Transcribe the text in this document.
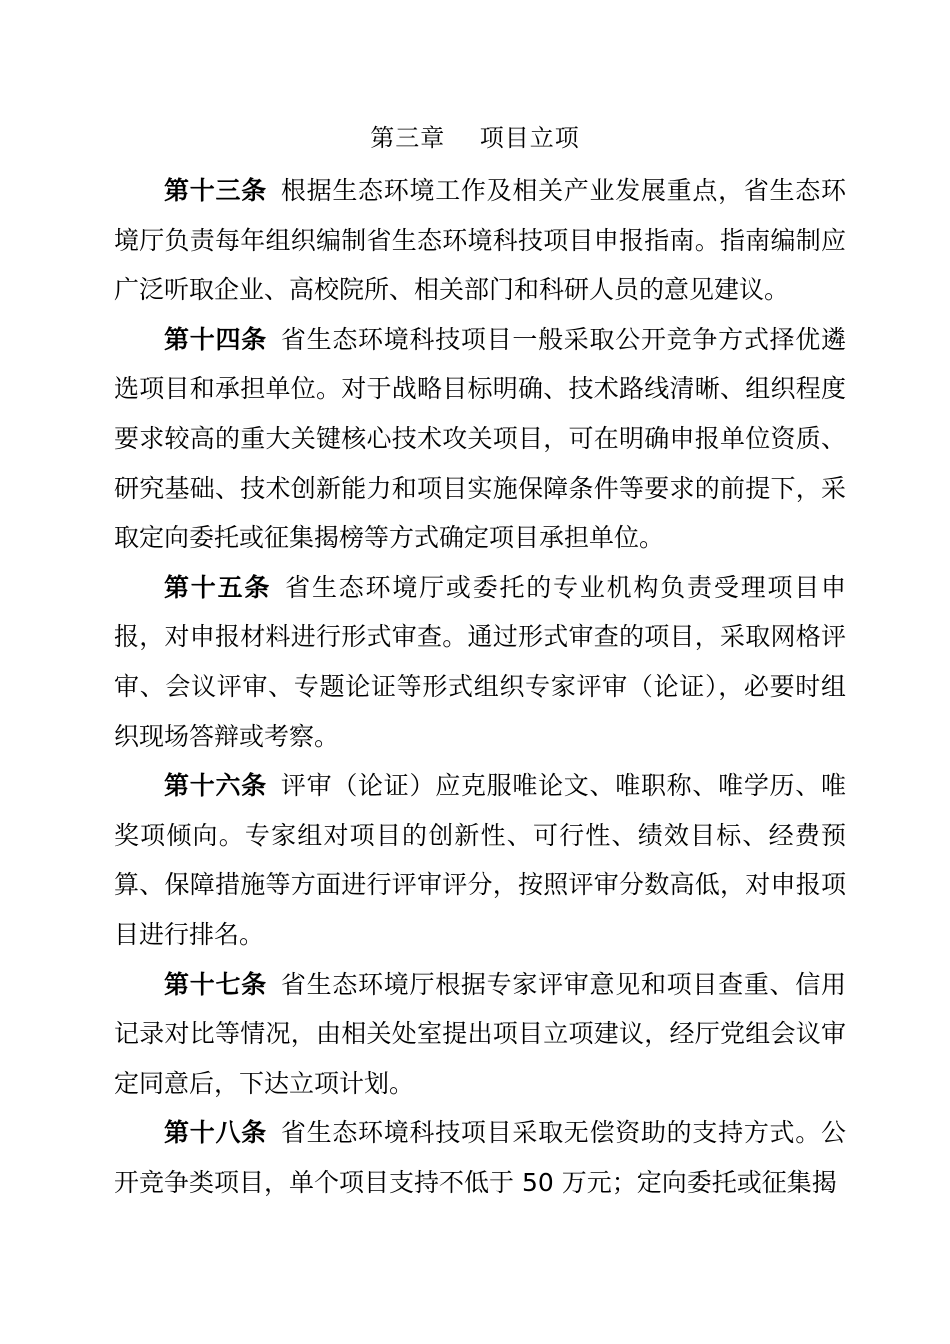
第三章    项目立项

第十三条 根据生态环境工作及相关产业发展重点，省生态环境厅负责每年组织编制省生态环境科技项目申报指南。指南编制应广泛听取企业、高校院所、相关部门和科研人员的意见建议。

第十四条 省生态环境科技项目一般采取公开竞争方式择优遴选项目和承担单位。对于战略目标明确、技术路线清晰、组织程度要求较高的重大关键核心技术攻关项目，可在明确申报单位资质、研究基础、技术创新能力和项目实施保障条件等要求的前提下，采取定向委托或征集揭榜等方式确定项目承担单位。

第十五条 省生态环境厅或委托的专业机构负责受理项目申报，对申报材料进行形式审查。通过形式审查的项目，采取网格评审、会议评审、专题论证等形式组织专家评审（论证），必要时组织现场答辩或考察。

第十六条 评审（论证）应克服唯论文、唯职称、唯学历、唯奖项倾向。专家组对项目的创新性、可行性、绩效目标、经费预算、保障措施等方面进行评审评分，按照评审分数高低，对申报项目进行排名。

第十七条 省生态环境厅根据专家评审意见和项目查重、信用记录对比等情况，由相关处室提出项目立项建议，经厅党组会议审定同意后，下达立项计划。

第十八条 省生态环境科技项目采取无偿资助的支持方式。公开竞争类项目，单个项目支持不低于 50 万元；定向委托或征集揭
